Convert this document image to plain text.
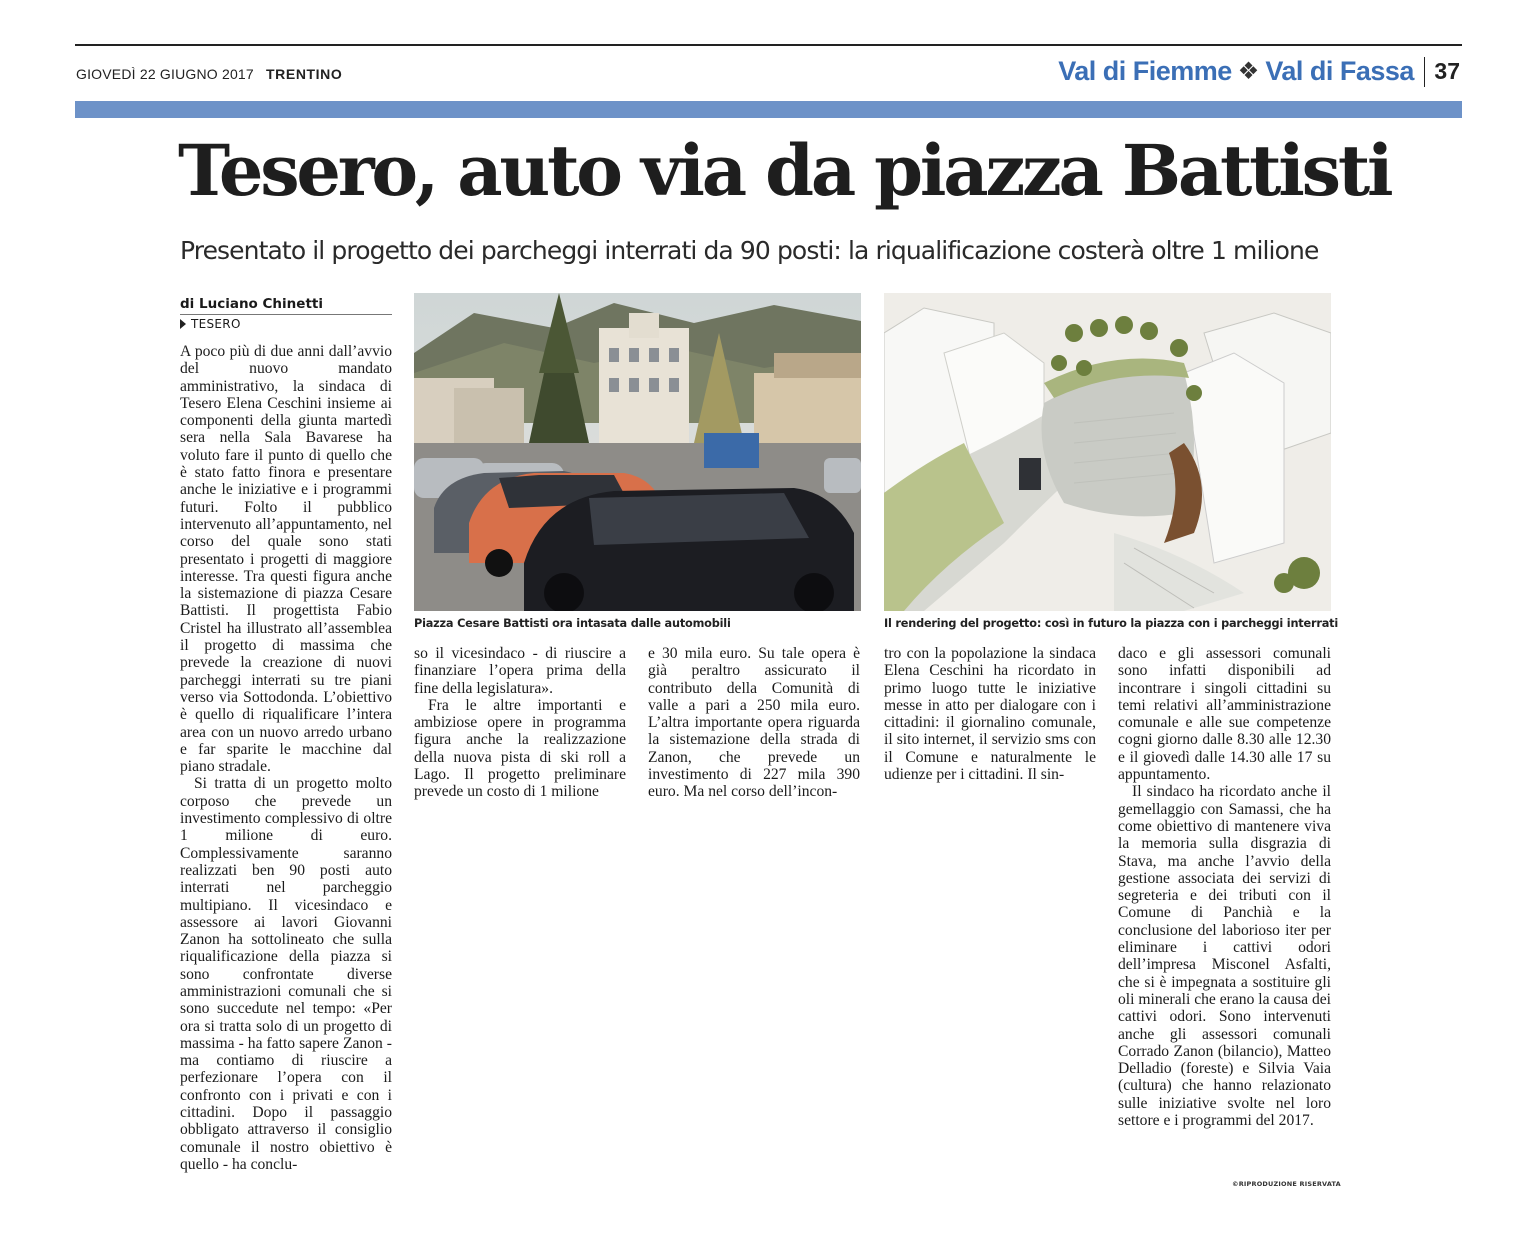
GIOVEDÌ 22 GIUGNO 2017 TRENTINO	Val di Fiemme ❖ Val di Fassa 37
Tesero, auto via da piazza Battisti
Presentato il progetto dei parcheggi interrati da 90 posti: la riqualificazione costerà oltre 1 milione
di Luciano Chinetti
TESERO

A poco più di due anni dall’avvio del nuovo mandato amministrativo, la sindaca di Tesero Elena Ceschini insieme ai componenti della giunta martedì sera nella Sala Bavarese ha voluto fare il punto di quello che è stato fatto finora e presentare anche le iniziative e i programmi futuri. Folto il pubblico intervenuto all’appuntamento, nel corso del quale sono stati presentato i progetti di maggiore interesse. Tra questi figura anche la sistemazione di piazza Cesare Battisti. Il progettista Fabio Cristel ha illustrato all’assemblea il progetto di massima che prevede la creazione di nuovi parcheggi interrati su tre piani verso via Sottodonda. L’obiettivo è quello di riqualificare l’intera area con un nuovo arredo urbano e far sparite le macchine dal piano stradale.

Si tratta di un progetto molto corposo che prevede un investimento complessivo di oltre 1 milione di euro. Complessivamente saranno realizzati ben 90 posti auto interrati nel parcheggio multipiano. Il vicesindaco e assessore ai lavori Giovanni Zanon ha sottolineato che sulla riqualificazione della piazza si sono confrontate diverse amministrazioni comunali che si sono succedute nel tempo: «Per ora si tratta solo di un progetto di massima - ha fatto sapere Zanon - ma contiamo di riuscire a perfezionare l’opera con il confronto con i privati e con i cittadini. Dopo il passaggio obbligato attraverso il consiglio comunale il nostro obiettivo è quello - ha conclu-

so il vicesindaco - di riuscire a finanziare l’opera prima della fine della legislatura».

Fra le altre importanti e ambiziose opere in programma figura anche la realizzazione della nuova pista di ski roll a Lago. Il progetto preliminare prevede un costo di 1 milione

e 30 mila euro. Su tale opera è già peraltro assicurato il contributo della Comunità di valle a pari a 250 mila euro. L’altra importante opera riguarda la sistemazione della strada di Zanon, che prevede un investimento di 227 mila 390 euro. Ma nel corso dell’incon-

tro con la popolazione la sindaca Elena Ceschini ha ricordato in primo luogo tutte le iniziative messe in atto per dialogare con i cittadini: il giornalino comunale, il sito internet, il servizio sms con il Comune e naturalmente le udienze per i cittadini. Il sin-

daco e gli assessori comunali sono infatti disponibili ad incontrare i singoli cittadini su temi relativi all’amministrazione comunale e alle sue competenze cogni giorno dalle 8.30 alle 12.30 e il giovedì dalle 14.30 alle 17 su appuntamento.

Il sindaco ha ricordato anche il gemellaggio con Samassi, che ha come obiettivo di mantenere viva la memoria sulla disgrazia di Stava, ma anche l’avvio della gestione associata dei servizi di segreteria e dei tributi con il Comune di Panchià e la conclusione del laborioso iter per eliminare i cattivi odori dell’impresa Misconel Asfalti, che si è impegnata a sostituire gli oli minerali che erano la causa dei cattivi odori. Sono intervenuti anche gli assessori comunali Corrado Zanon (bilancio), Matteo Delladio (foreste) e Silvia Vaia (cultura) che hanno relazionato sulle iniziative svolte nel loro settore e i programmi del 2017.

Piazza Cesare Battisti ora intasata dalle automobili	Il rendering del progetto: così in futuro la piazza con i parcheggi interrati
©RIPRODUZIONE RISERVATA
